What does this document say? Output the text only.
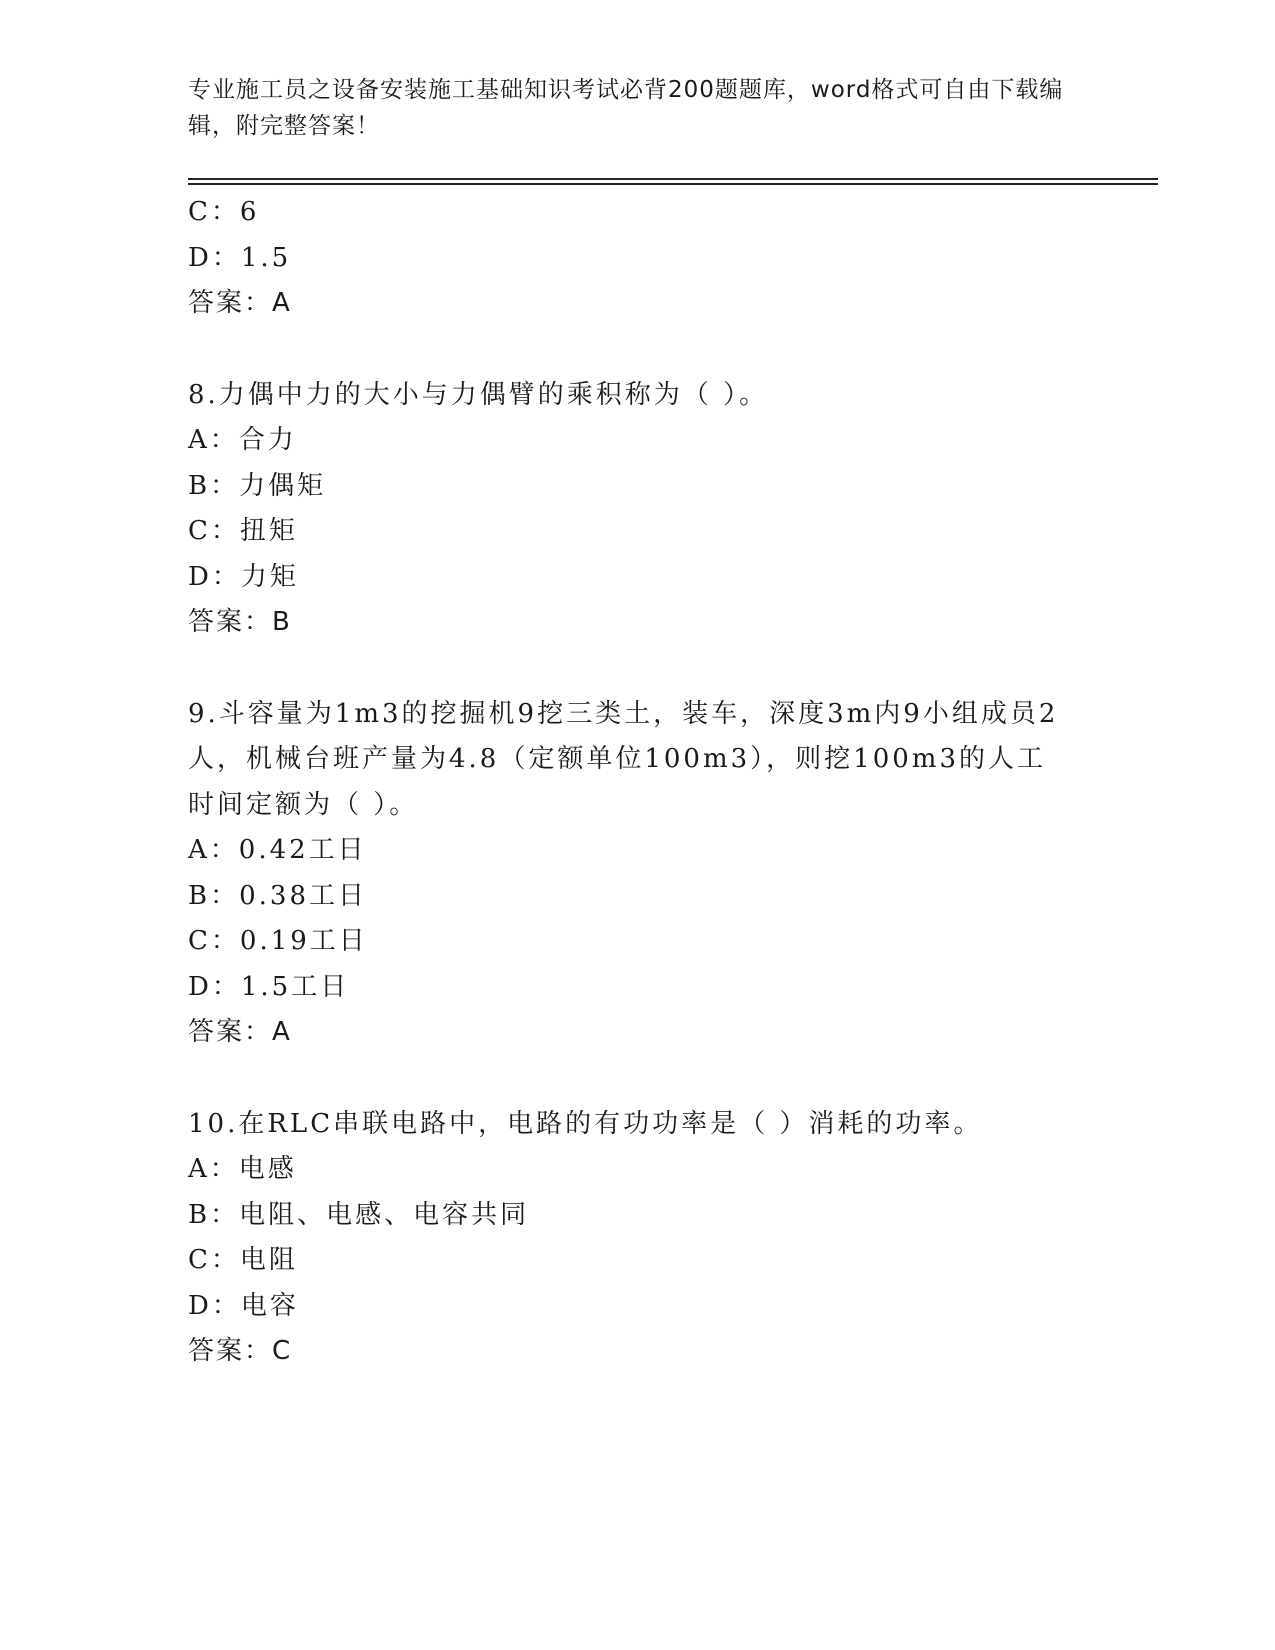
专业施工员之设备安装施工基础知识考试必背200题题库，word格式可自由下载编辑，附完整答案！
C：6
D：1.5
答案：A
8.力偶中力的大小与力偶臂的乘积称为（ ）。
A：合力
B：力偶矩
C：扭矩
D：力矩
答案：B
9.斗容量为1m3的挖掘机9挖三类土，装车，深度3m内9小组成员2人，机械台班产量为4.8（定额单位100m3），则挖100m3的人工时间定额为（ ）。
A：0.42工日
B：0.38工日
C：0.19工日
D：1.5工日
答案：A
10.在RLC串联电路中，电路的有功功率是（ ）消耗的功率。
A：电感
B：电阻、电感、电容共同
C：电阻
D：电容
答案：C
